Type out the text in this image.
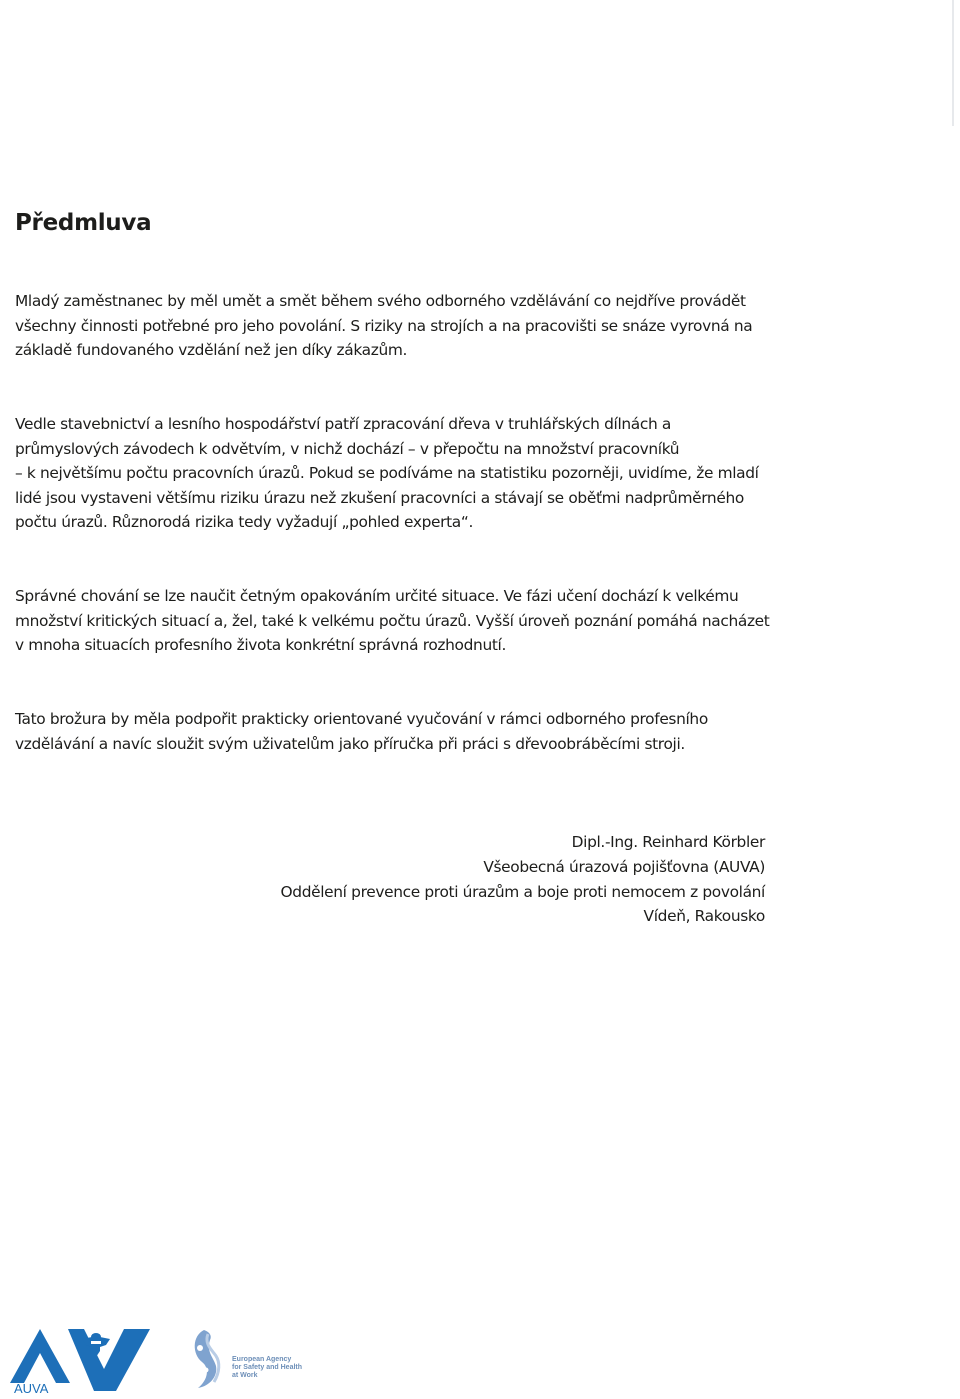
Předmluva

Mladý zaměstnanec by měl umět a smět během svého odborného vzdělávání co nejdříve provádět
všechny činnosti potřebné pro jeho povolání. S riziky na strojích a na pracovišti se snáze vyrovná na
základě fundovaného vzdělání než jen díky zákazům.

Vedle stavebnictví a lesního hospodářství patří zpracování dřeva v truhlářských dílnách a
průmyslových závodech k odvětvím, v nichž dochází – v přepočtu na množství pracovníků
– k největšímu počtu pracovních úrazů. Pokud se podíváme na statistiku pozorněji, uvidíme, že mladí
lidé jsou vystaveni většímu riziku úrazu než zkušení pracovníci a stávají se oběťmi nadprůměrného
počtu úrazů. Různorodá rizika tedy vyžadují „pohled experta“.

Správné chování se lze naučit četným opakováním určité situace. Ve fázi učení dochází k velkému
množství kritických situací a, žel, také k velkému počtu úrazů. Vyšší úroveň poznání pomáhá nacházet
v mnoha situacích profesního života konkrétní správná rozhodnutí.

Tato brožura by měla podpořit prakticky orientované vyučování v rámci odborného profesního
vzdělávání a navíc sloužit svým uživatelům jako příručka při práci s dřevoobráběcími stroji.

Dipl.-Ing. Reinhard Körbler
Všeobecná úrazová pojišťovna (AUVA)
Oddělení prevence proti úrazům a boje proti nemocem z povolání
Vídeň, Rakousko
AUVA
European Agency
for Safety and Health
at Work
